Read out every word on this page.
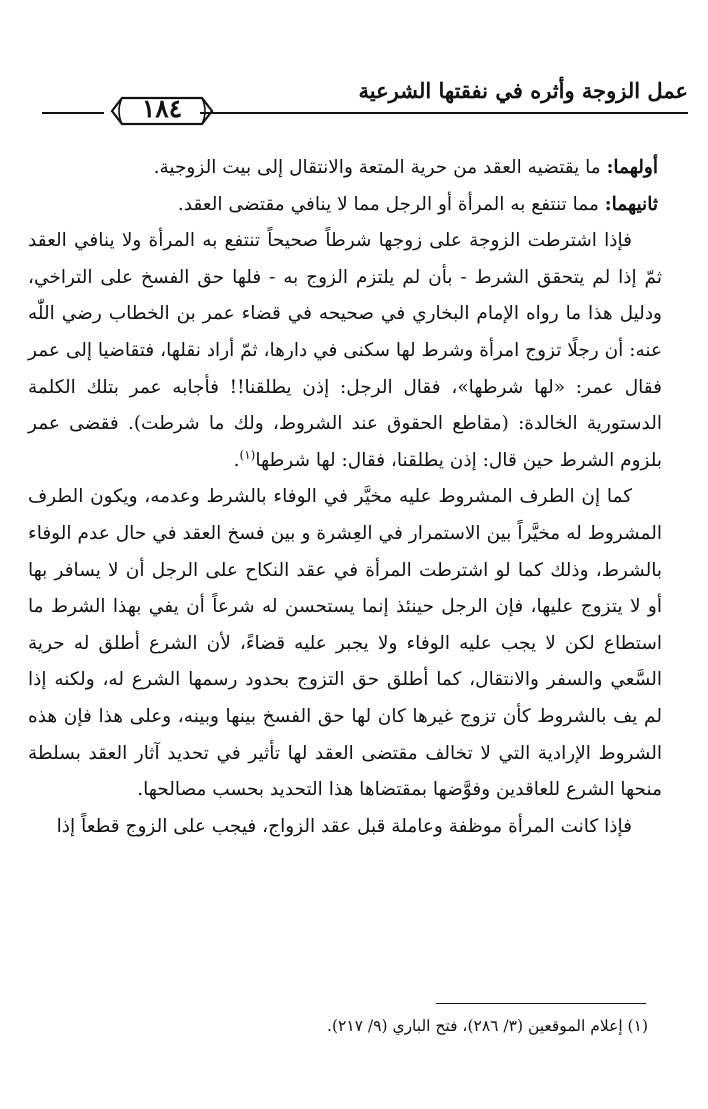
عمل الزوجة وأثره في نفقتها الشرعية
١٨٤

أولهما: ما يقتضيه العقد من حرية المتعة والانتقال إلى بيت الزوجية.

ثانيهما: مما تنتفع به المرأة أو الرجل مما لا ينافي مقتضى العقد.

فإذا اشترطت الزوجة على زوجها شرطاً صحيحاً تنتفع به المرأة ولا ينافي العقد ثمّ إذا لم يتحقق الشرط - بأن لم يلتزم الزوج به - فلها حق الفسخ على التراخي، ودليل هذا ما رواه الإمام البخاري في صحيحه في قضاء عمر بن الخطاب رضي اللّٰه عنه: أن رجلًا تزوج امرأة وشرط لها سكنى في دارها، ثمّ أراد نقلها، فتقاضيا إلى عمر فقال عمر: «لها شرطها»، فقال الرجل: إذن يطلقنا!! فأجابه عمر بتلك الكلمة الدستورية الخالدة: (مقاطع الحقوق عند الشروط، ولك ما شرطت). فقضى عمر بلزوم الشرط حين قال: إذن يطلقنا، فقال: لها شرطها$^{(١)}$.

كما إن الطرف المشروط عليه مخيَّر في الوفاء بالشرط وعدمه، ويكون الطرف المشروط له مخيَّراً بين الاستمرار في العِشرة و بين فسخ العقد في حال عدم الوفاء بالشرط، وذلك كما لو اشترطت المرأة في عقد النكاح على الرجل أن لا يسافر بها أو لا يتزوج عليها، فإن الرجل حينئذ إنما يستحسن له شرعاً أن يفي بهذا الشرط ما استطاع لكن لا يجب عليه الوفاء ولا يجبر عليه قضاءً، لأن الشرع أطلق له حرية السَّعي والسفر والانتقال، كما أطلق حق التزوج بحدود رسمها الشرع له، ولكنه إذا لم يف بالشروط كأن تزوج غيرها كان لها حق الفسخ بينها وبينه، وعلى هذا فإن هذه الشروط الإرادية التي لا تخالف مقتضى العقد لها تأثير في تحديد آثار العقد بسلطة منحها الشرع للعاقدين وفوَّضها بمقتضاها هذا التحديد بحسب مصالحها.

فإذا كانت المرأة موظفة وعاملة قبل عقد الزواج، فيجب على الزوج قطعاً إذا

(١) إعلام الموقعين (٣/ ٢٨٦)، فتح الباري (٩/ ٢١٧).
